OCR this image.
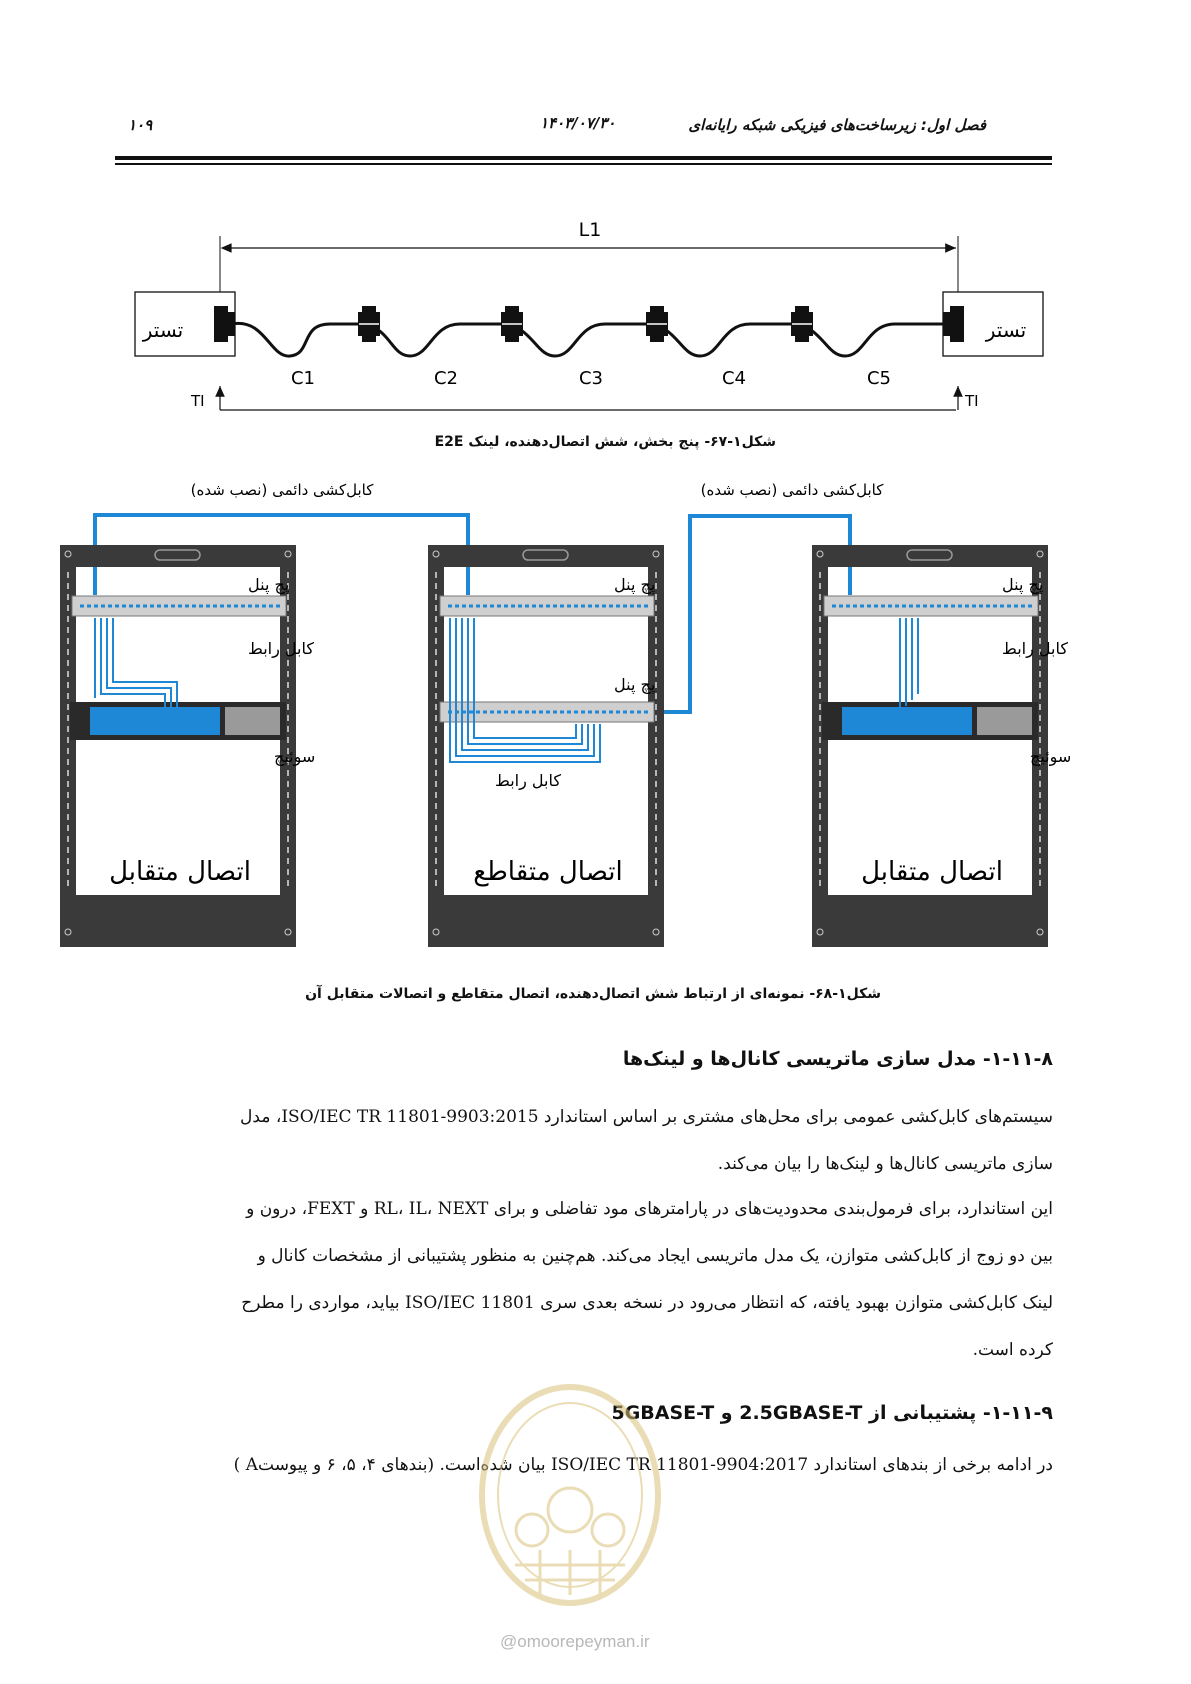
فصل اول: زیرساخت‌های فیزیکی شبکه رایانه‌ای
۱۴۰۳/۰۷/۳۰
۱۰۹
L1
تستر	تستر
C1	C2	C3	C4	C5
TI	TI
شکل۱-۶۷- پنج بخش، شش اتصال‌دهنده، لینک E2E
کابل‌کشی دائمی (نصب شده)	کابل‌کشی دائمی (نصب شده)
پچ پنل
کابل رابط
سوئیچ
اتصال متقابل
پچ پنل
پچ پنل
کابل رابط
اتصال متقاطع
پچ پنل
کابل رابط
سوئیچ
اتصال متقابل
شکل۱-۶۸- نمونه‌ای از ارتباط شش اتصال‌دهنده، اتصال متقاطع و اتصالات متقابل آن
۱-۱۱-۸- مدل سازی ماتریسی کانال‌ها و لینک‌ها
سیستم‌های کابل‌کشی عمومی برای محل‌های مشتری بر اساس استاندارد ISO/IEC TR 11801-9903:2015، مدل
سازی ماتریسی کانال‌ها و لینک‌ها را بیان می‌کند.
این استاندارد، برای فرمول‌بندی محدودیت‌های در پارامترهای مود تفاضلی و برای RL، IL، NEXT و FEXT، درون و
بین دو زوج از کابل‌کشی متوازن، یک مدل ماتریسی ایجاد می‌کند. هم‌چنین به منظور پشتیبانی از مشخصات کانال و
لینک کابل‌کشی متوازن بهبود یافته، که انتظار می‌رود در نسخه بعدی سری ISO/IEC 11801 بیاید، مواردی را مطرح
کرده است.
۱-۱۱-۹- پشتیبانی از 2.5GBASE-T و 5GBASE-T
در ادامه برخی از بندهای استاندارد ISO/IEC TR 11801-9904:2017 بیان شده‌است. (بندهای ۴، ۵، ۶ و پیوستA )
@omoorepeyman.ir
